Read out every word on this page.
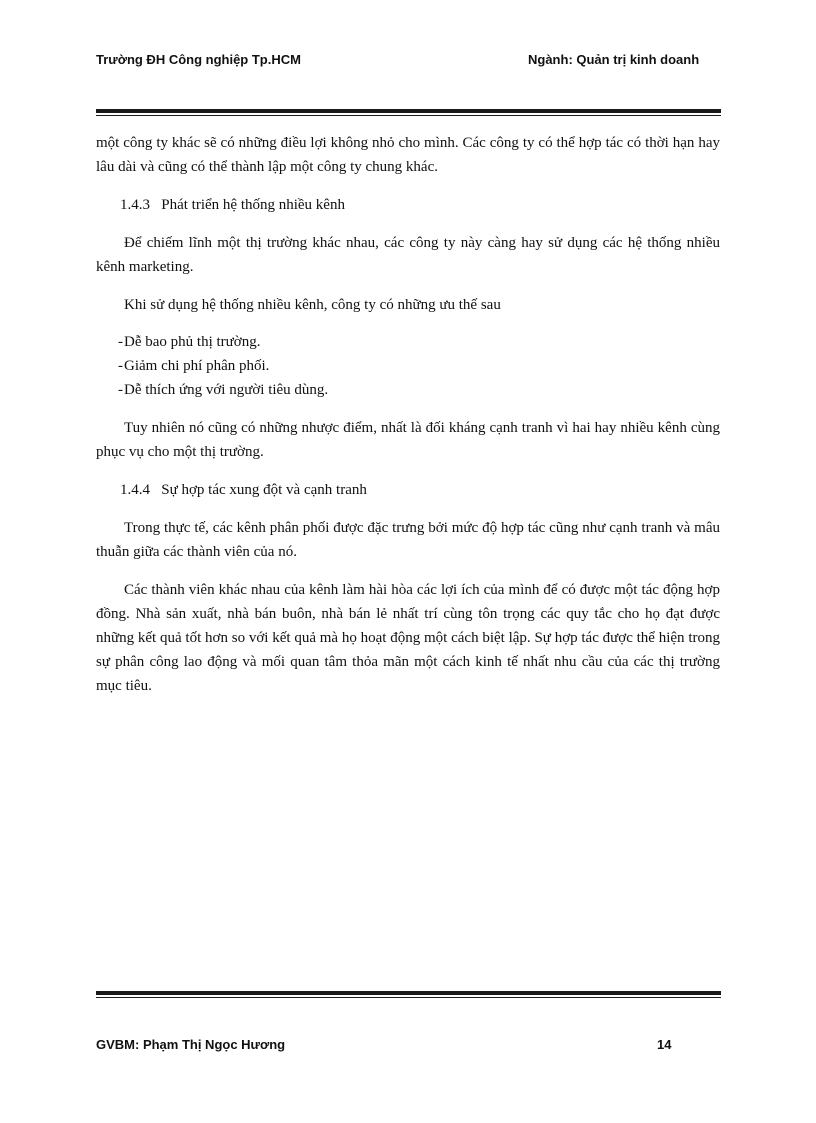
Trường ĐH Công nghiệp Tp.HCM	Ngành: Quản trị kinh doanh

một công ty khác sẽ có những điều lợi không nhỏ cho mình. Các công ty có thể hợp tác có thời hạn hay lâu dài và cũng có thể thành lập một công ty chung khác.

1.4.3   Phát triển hệ thống nhiều kênh

Để chiếm lĩnh một thị trường khác nhau, các công ty này càng hay sử dụng các hệ thống nhiều kênh marketing.

Khi sử dụng hệ thống nhiều kênh, công ty có những ưu thế sau

- Dễ bao phủ thị trường.
- Giảm chi phí phân phối.
- Dễ thích ứng với người tiêu dùng.

Tuy nhiên nó cũng có những nhược điểm, nhất là đối kháng cạnh tranh vì hai hay nhiều kênh cùng phục vụ cho một thị trường.

1.4.4   Sự hợp tác xung đột và cạnh tranh

Trong thực tế, các kênh phân phối được đặc trưng bởi mức độ hợp tác cũng như cạnh tranh và mâu thuẫn giữa các thành viên của nó.

Các thành viên khác nhau của kênh làm hài hòa các lợi ích của mình để có được một tác động hợp đồng. Nhà sản xuất, nhà bán buôn, nhà bán lẻ nhất trí cùng tôn trọng các quy tắc cho họ đạt được những kết quả tốt hơn so với kết quả mà họ hoạt động một cách biệt lập. Sự hợp tác được thể hiện trong sự phân công lao động và mối quan tâm thỏa mãn một cách kinh tế nhất nhu cầu của các thị trường mục tiêu.

GVBM: Phạm Thị Ngọc Hương	14
